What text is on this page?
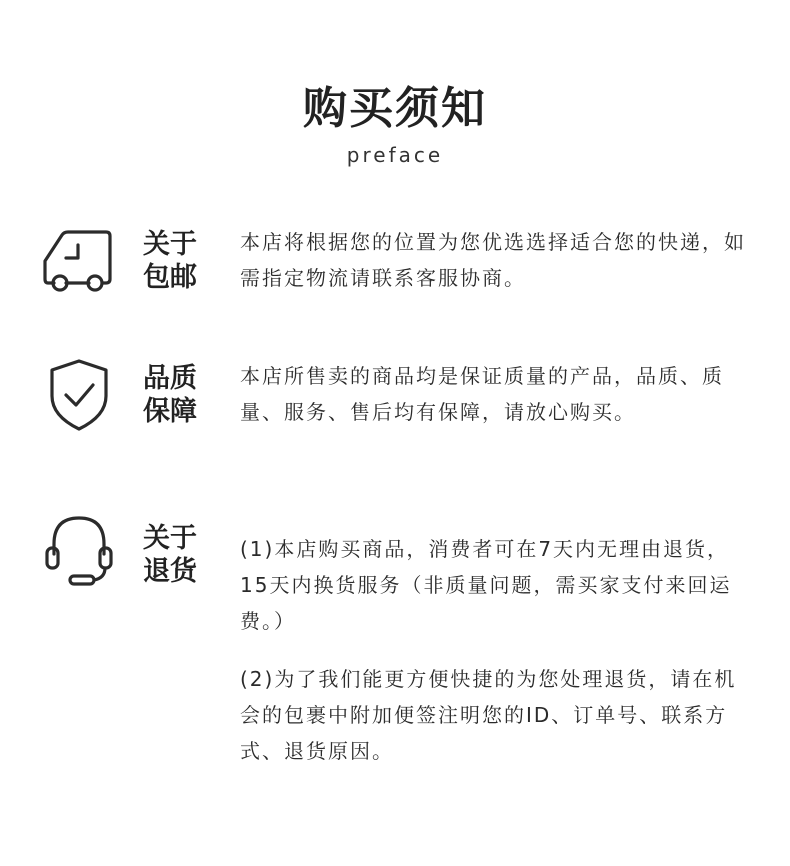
购买须知
preface
关于
包邮

本店将根据您的位置为您优选选择适合您的快递，如需指定物流请联系客服协商。

品质
保障

本店所售卖的商品均是保证质量的产品，品质、质量、服务、售后均有保障，请放心购买。

关于
退货

(1)本店购买商品，消费者可在7天内无理由退货，15天内换货服务（非质量问题，需买家支付来回运费。）

(2)为了我们能更方便快捷的为您处理退货，请在机会的包裹中附加便签注明您的ID、订单号、联系方式、退货原因。
